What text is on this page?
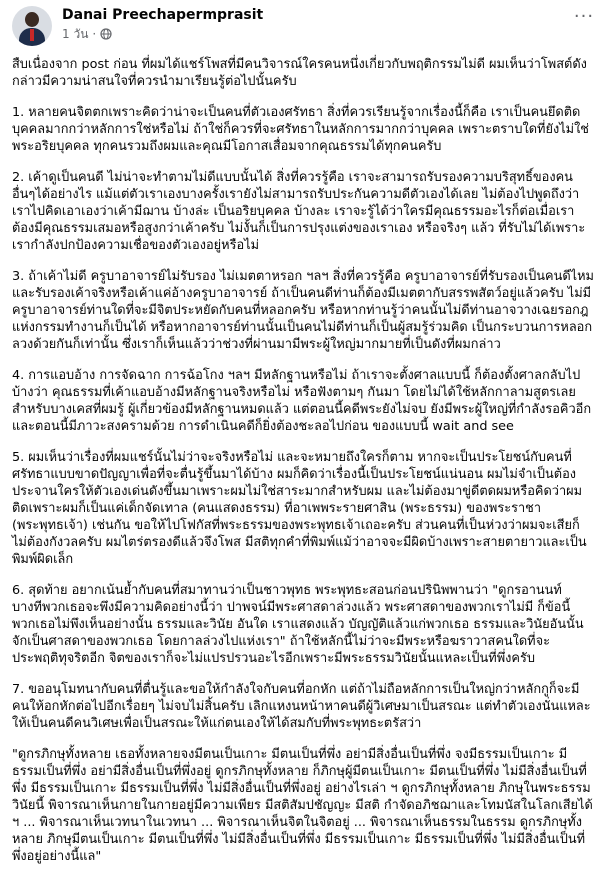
Danai Preechapermprasit
1 วัน ·
···

สืบเนื่องจาก post ก่อน ที่ผมได้แชร์โพสที่มีคนวิจารณ์ใครคนหนึ่งเกี่ยวกับพฤติกรรมไม่ดี ผมเห็นว่าโพสต์ดังกล่าวมีความน่าสนใจที่ควรนำมาเรียนรู้ต่อไปนั้นครับ

1. หลายคนจิตตกเพราะคิดว่าน่าจะเป็นคนที่ตัวเองศรัทธา สิ่งที่ควรเรียนรู้จากเรื่องนี้ก็คือ เราเป็นคนยึดติดบุคคลมากกว่าหลักการใช่หรือไม่ ถ้าใช่ก็ควรที่จะศรัทธาในหลักการมากกว่าบุคคล เพราะตราบใดที่ยังไม่ใช่พระอริยบุคคล ทุกคนรวมถึงผมและคุณมีโอกาสเสื่อมจากคุณธรรมได้ทุกคนครับ

2. เค้าดูเป็นคนดี ไม่น่าจะทำตามไม่ดีแบบนั้นได้ สิ่งที่ควรรู้คือ เราจะสามารถรับรองความบริสุทธิ์ของคนอื่นๆได้อย่างไร แม้แต่ตัวเราเองบางครั้งเรายังไม่สามารถรับประกันความดีตัวเองได้เลย ไม่ต้องไปพูดถึงว่าเราไปคิดเอาเองว่าเค้ามีฌาน บ้างล่ะ เป็นอริยบุคคล บ้างละ เราจะรู้ได้ว่าใครมีคุณธรรมอะไรก็ต่อเมื่อเราต้องมีคุณธรรมเสมอหรือสูงกว่าเค้าครับ ไม่งั้นก็เป็นการปรุงแต่งของเราเอง หรือจริงๆ แล้ว ที่รับไม่ได้เพราะเรากำลังปกป้องความเชื่อของตัวเองอยู่หรือไม่

3. ถ้าเค้าไม่ดี ครูบาอาจารย์ไม่รับรอง ไม่เมตตาหรอก ฯลฯ สิ่งที่ควรรู้คือ ครูบาอาจารย์ที่รับรองเป็นคนดีไหมและรับรองเค้าจริงหรือเค้าแค่อ้างครูบาอาจารย์ ถ้าเป็นคนดีท่านก็ต้องมีเมตตากับสรรพสัตว์อยู่แล้วครับ ไม่มีครูบาอาจารย์ท่านใดที่จะมีจิตประหยัดกับคนที่หลอกครับ หรือหากท่านรู้ว่าคนนั้นไม่ดีท่านอาจวางเฉยรอกฎแห่งกรรมทำงานก็เป็นได้ หรือหากอาจารย์ท่านนั้นเป็นคนไม่ดีท่านก็เป็นผู้สมรู้ร่วมคิด เป็นกระบวนการหลอกลวงด้วยกันก็เท่านั้น ซึ่งเราก็เห็นแล้วว่าช่วงที่ผ่านมามีพระผู้ใหญ่มากมายที่เป็นดังที่ผมกล่าว

4. การแอบอ้าง การจัดฉาก การฉ้อโกง ฯลฯ มีหลักฐานหรือไม่ ถ้าเราจะตั้งศาลแบบนี้ ก็ต้องตั้งศาลกลับไปบ้างว่า คุณธรรมที่เค้าแอบอ้างมีหลักฐานจริงหรือไม่ หรือฟังตามๆ กันมา โดยไม่ได้ใช้หลักกาลามสูตรเลย สำหรับบางเคสที่ผมรู้ ผู้เกี่ยวข้องมีหลักฐานหมดแล้ว แต่ตอนนี้คดีพระยังไม่จบ ยังมีพระผู้ใหญ่ที่กำลังรอคิวอีกและตอนนี้มีภาวะสงครามด้วย การดำเนินคดีก็ยิ่งต้องชะลอไปก่อน ของแบบนี้ wait and see

5. ผมเห็นว่าเรื่องที่ผมแชร์นั้นไม่ว่าจะจริงหรือไม่ และจะหมายถึงใครก็ตาม หากจะเป็นประโยชน์กับคนที่ศรัทธาแบบขาดปัญญาเพื่อที่จะตื่นรู้ขึ้นมาได้บ้าง ผมก็คิดว่าเรื่องนี้เป็นประโยชน์แน่นอน ผมไม่จำเป็นต้องประจานใครให้ตัวเองเด่นดังขึ้นมาเพราะผมไม่ใช่สาระมากสำหรับผม และไม่ต้องมาขู่ดีตดผมหรือคิดว่าผมติดเพราะผมก็เป็นแค่เด็กจัดเทาล (คนแสดงธรรม) ที่อาเพพระรายศาสิน (พระธรรม) ของพระราชา (พระพุทธเจ้า) เช่นกัน ขอให้ไปโฟกัสที่พระธรรมของพระพุทธเจ้าเถอะครับ ส่วนคนที่เป็นห่วงว่าผมจะเสียก็ไม่ต้องกังวลครับ ผมไตร่ตรองดีแล้วจึงโพส มีสติทุกคำที่พิมพ์แม้ว่าอาจจะมีผิดบ้างเพราะสายตายาวและเป็นพิมพ์ผิดเล็ก

6. สุดท้าย อยากเน้นย้ำกับคนที่สมาทานว่าเป็นชาวพุทธ พระพุทธะสอนก่อนปรินิพพานว่า "ดูกรอานนท์ บางทีพวกเธอจะพึงมีความคิดอย่างนี้ว่า ปาพจน์มีพระศาสดาล่วงแล้ว พระศาสดาของพวกเราไม่มี ก็ข้อนี้ พวกเธอไม่พึงเห็นอย่างนั้น ธรรมและวินัย อันใด เราแสดงแล้ว บัญญัติแล้วแก่พวกเธอ ธรรมและวินัยอันนั้น จักเป็นศาสดาของพวกเธอ โดยกาลล่วงไปแห่งเรา" ถ้าใช้หลักนี้ไม่ว่าจะมีพระหรือฆราวาสคนใดที่จะประพฤติทุจริตอีก จิตของเราก็จะไม่แปรปรวนอะไรอีกเพราะมีพระธรรมวินัยนั้นแหละเป็นที่พึ่งครับ

7. ขออนุโมทนากับคนที่ตื่นรู้และขอให้กำลังใจกับคนที่อกหัก แต่ถ้าไม่ถือหลักการเป็นใหญ่กว่าหลักกูก็จะมีคนให้อกหักต่อไปอีกเรื่อยๆ ไม่จบไม่สิ้นครับ เลิกแหงนหน้าหาคนดีผู้วิเศษมาเป็นสรณะ แต่ทำตัวเองนั่นแหละให้เป็นคนดีคนวิเศษเพื่อเป็นสรณะให้แก่ตนเองให้ได้สมกับที่พระพุทธะตรัสว่า

"ดูกรภิกษุทั้งหลาย เธอทั้งหลายจงมีตนเป็นเกาะ มีตนเป็นที่พึ่ง อย่ามีสิ่งอื่นเป็นที่พึ่ง จงมีธรรมเป็นเกาะ มีธรรมเป็นที่พึ่ง อย่ามีสิ่งอื่นเป็นที่พึ่งอยู่ ดูกรภิกษุทั้งหลาย ก็ภิกษุผู้มีตนเป็นเกาะ มีตนเป็นที่พึ่ง ไม่มีสิ่งอื่นเป็นที่พึ่ง มีธรรมเป็นเกาะ มีธรรมเป็นที่พึ่ง ไม่มีสิ่งอื่นเป็นที่พึ่งอยู่ อย่างไรเล่า ฯ ดูกรภิกษุทั้งหลาย ภิกษุในพระธรรมวินัยนี้ พิจารณาเห็นกายในกายอยู่มีความเพียร มีสติสัมปชัญญะ มีสติ กำจัดอภิชฌาและโทมนัสในโลกเสียได้ ฯ ... พิจารณาเห็นเวทนาในเวทนา ... พิจารณาเห็นจิตในจิตอยู่ ... พิจารณาเห็นธรรมในธรรม ดูกรภิกษุทั้งหลาย ภิกษุมีตนเป็นเกาะ มีตนเป็นที่พึ่ง ไม่มีสิ่งอื่นเป็นที่พึ่ง มีธรรมเป็นเกาะ มีธรรมเป็นที่พึ่ง ไม่มีสิ่งอื่นเป็นที่พึ่งอยู่อย่างนี้แล"
